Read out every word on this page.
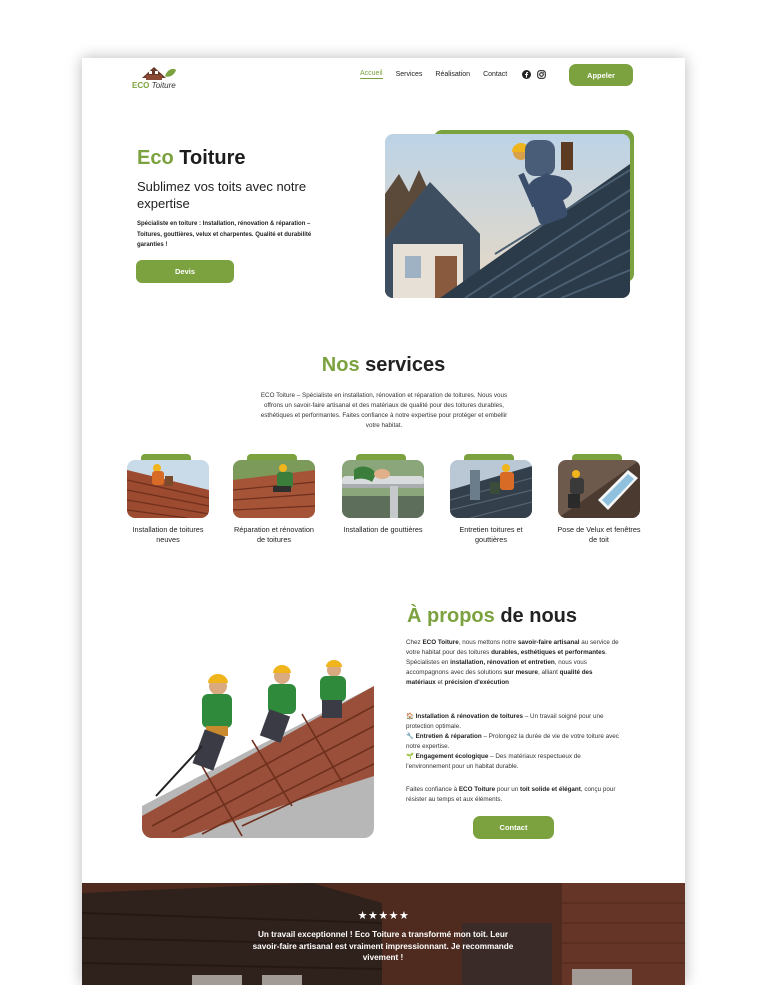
ECO Toiture
Accueil Services Réalisation Contact	Appeler
Eco Toiture
Sublimez vos toits avec notre expertise
Spécialiste en toiture : Installation, rénovation & réparation – Toitures, gouttières, velux et charpentes. Qualité et durabilité garanties !
Devis
Nos services
ECO Toiture – Spécialiste en installation, rénovation et réparation de toitures. Nous vous offrons un savoir-faire artisanal et des matériaux de qualité pour des toitures durables, esthétiques et performantes. Faites confiance à notre expertise pour protéger et embellir votre habitat.
Installation de toitures neuves
Réparation et rénovation de toitures
Installation de gouttières	Entretien toitures et gouttières
Pose de Velux et fenêtres de toit
À propos de nous
Chez ECO Toiture, nous mettons notre savoir-faire artisanal au service de votre habitat pour des toitures durables, esthétiques et performantes. Spécialistes en installation, rénovation et entretien, nous vous accompagnons avec des solutions sur mesure, alliant qualité des matériaux et précision d'exécution
🏠 Installation & rénovation de toitures – Un travail soigné pour une protection optimale.
🔧 Entretien & réparation – Prolongez la durée de vie de votre toiture avec notre expertise.
🌱 Engagement écologique – Des matériaux respectueux de l'environnement pour un habitat durable.
Faites confiance à ECO Toiture pour un toit solide et élégant, conçu pour résister au temps et aux éléments.
Contact
★★★★★
Un travail exceptionnel ! Eco Toiture a transformé mon toit. Leur savoir-faire artisanal est vraiment impressionnant. Je recommande vivement !
